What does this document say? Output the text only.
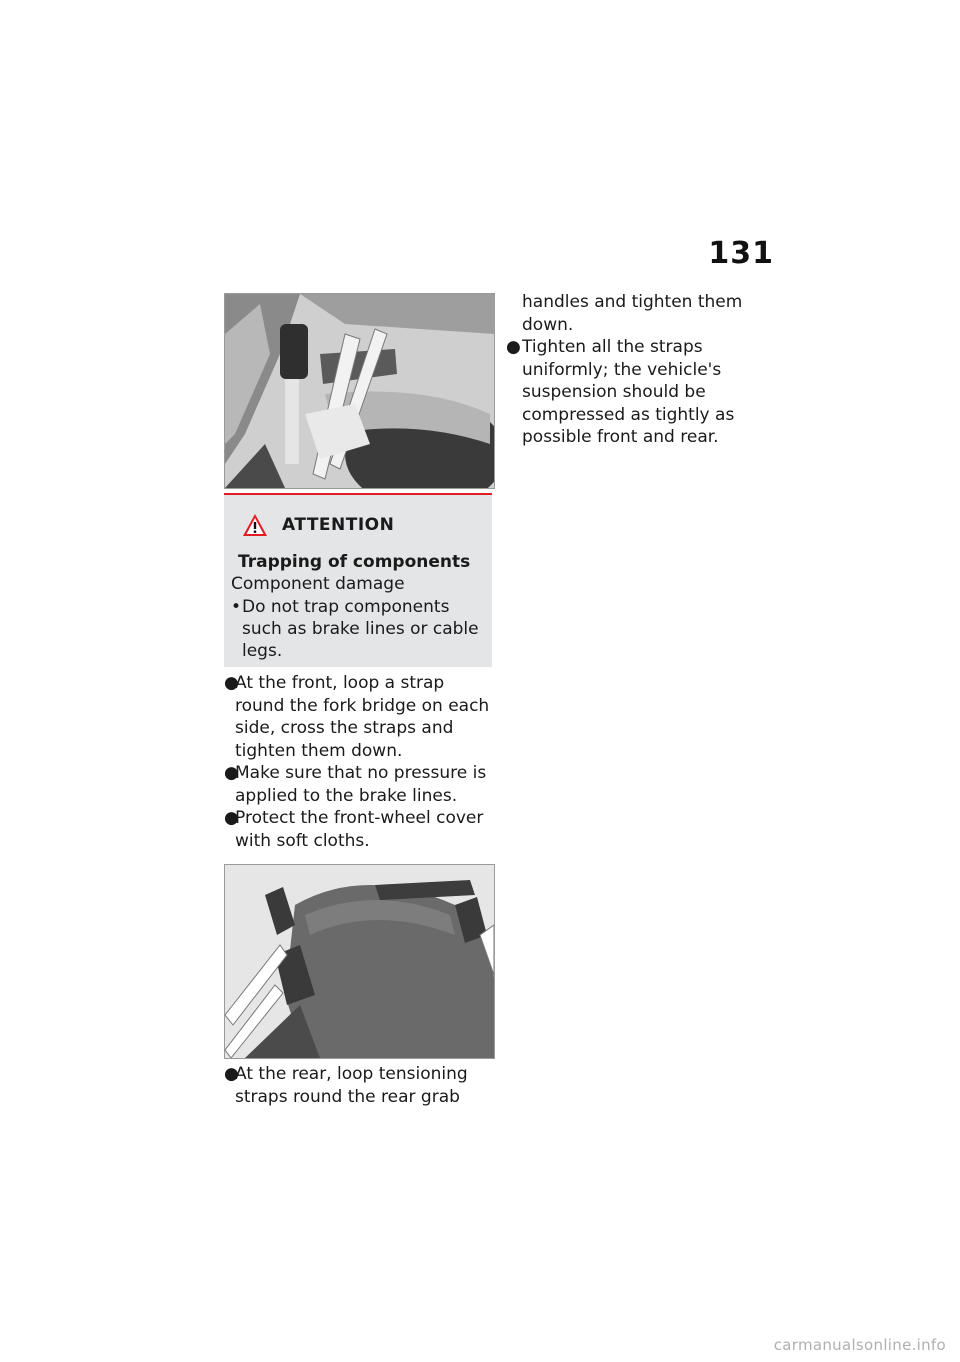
131
ATTENTION
Trapping of components
Component damage
• Do not trap components such as brake lines or cable legs.
●
At the front, loop a strap round the fork bridge on each side, cross the straps and tighten them down.
●
Make sure that no pressure is applied to the brake lines.
●
Protect the front-wheel cover with soft cloths.
●
At the rear, loop tensioning straps round the rear grab
handles and tighten them down.
● Tighten all the straps uniformly; the vehicle's suspension should be compressed as tightly as possible front and rear.
carmanualsonline.info
